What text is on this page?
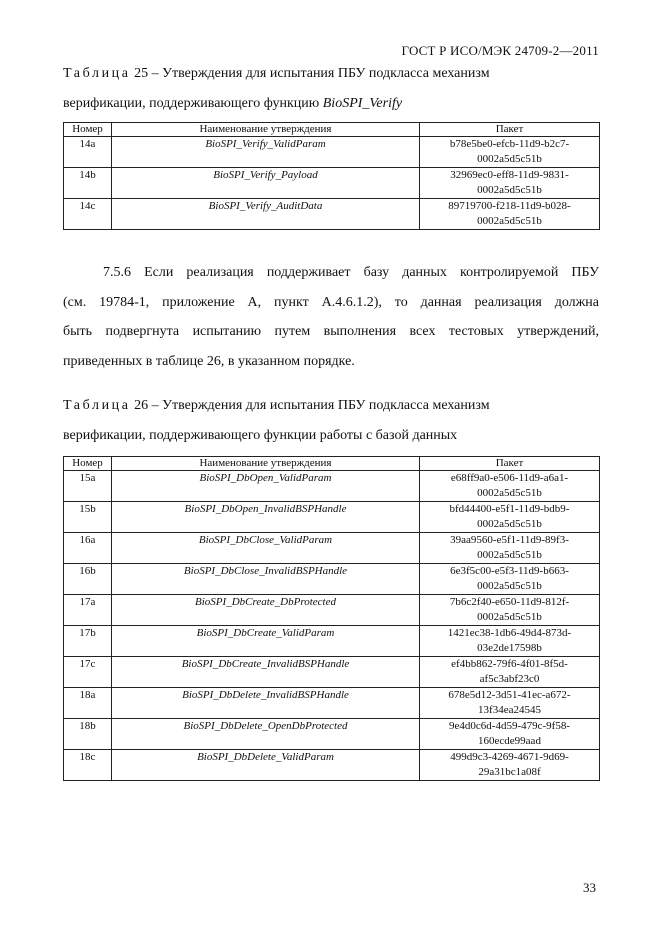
ГОСТ Р ИСО/МЭК 24709-2—2011
Таблица 25 – Утверждения для испытания ПБУ подкласса механизм
верификации, поддерживающего функцию BioSPI_Verify
Номер	Наименование утверждения	Пакет
14a	BioSPI_Verify_ValidParam	b78e5be0-efcb-11d9-b2c7-
0002a5d5c51b

14b	BioSPI_Verify_Payload	32969ec0-eff8-11d9-9831-
0002a5d5c51b

14c	BioSPI_Verify_AuditData	89719700-f218-11d9-b028-
0002a5d5c51b
7.5.6 Если реализация поддерживает базу данных контролируемой ПБУ
(см. 19784-1, приложение А, пункт А.4.6.1.2), то данная реализация должна
быть подвергнута испытанию путем выполнения всех тестовых утверждений,
приведенных в таблице 26, в указанном порядке.
Таблица 26 – Утверждения для испытания ПБУ подкласса механизм
верификации, поддерживающего функции работы с базой данных
Номер	Наименование утверждения	Пакет
15a	BioSPI_DbOpen_ValidParam	e68ff9a0-e506-11d9-a6a1-
0002a5d5c51b

15b	BioSPI_DbOpen_InvalidBSPHandle	bfd44400-e5f1-11d9-bdb9-
0002a5d5c51b

16a	BioSPI_DbClose_ValidParam	39aa9560-e5f1-11d9-89f3-
0002a5d5c51b

16b	BioSPI_DbClose_InvalidBSPHandle	6e3f5c00-e5f3-11d9-b663-
0002a5d5c51b

17a	BioSPI_DbCreate_DbProtected	7b6c2f40-e650-11d9-812f-
0002a5d5c51b

17b	BioSPI_DbCreate_ValidParam	1421ec38-1db6-49d4-873d-
03e2de17598b

17c	BioSPI_DbCreate_InvalidBSPHandle	ef4bb862-79f6-4f01-8f5d-
af5c3abf23c0

18a	BioSPI_DbDelete_InvalidBSPHandle	678e5d12-3d51-41ec-a672-
13f34ea24545

18b	BioSPI_DbDelete_OpenDbProtected	9e4d0c6d-4d59-479c-9f58-
160ecde99aad

18c	BioSPI_DbDelete_ValidParam	499d9c3-4269-4671-9d69-
29a31bc1a08f
33
